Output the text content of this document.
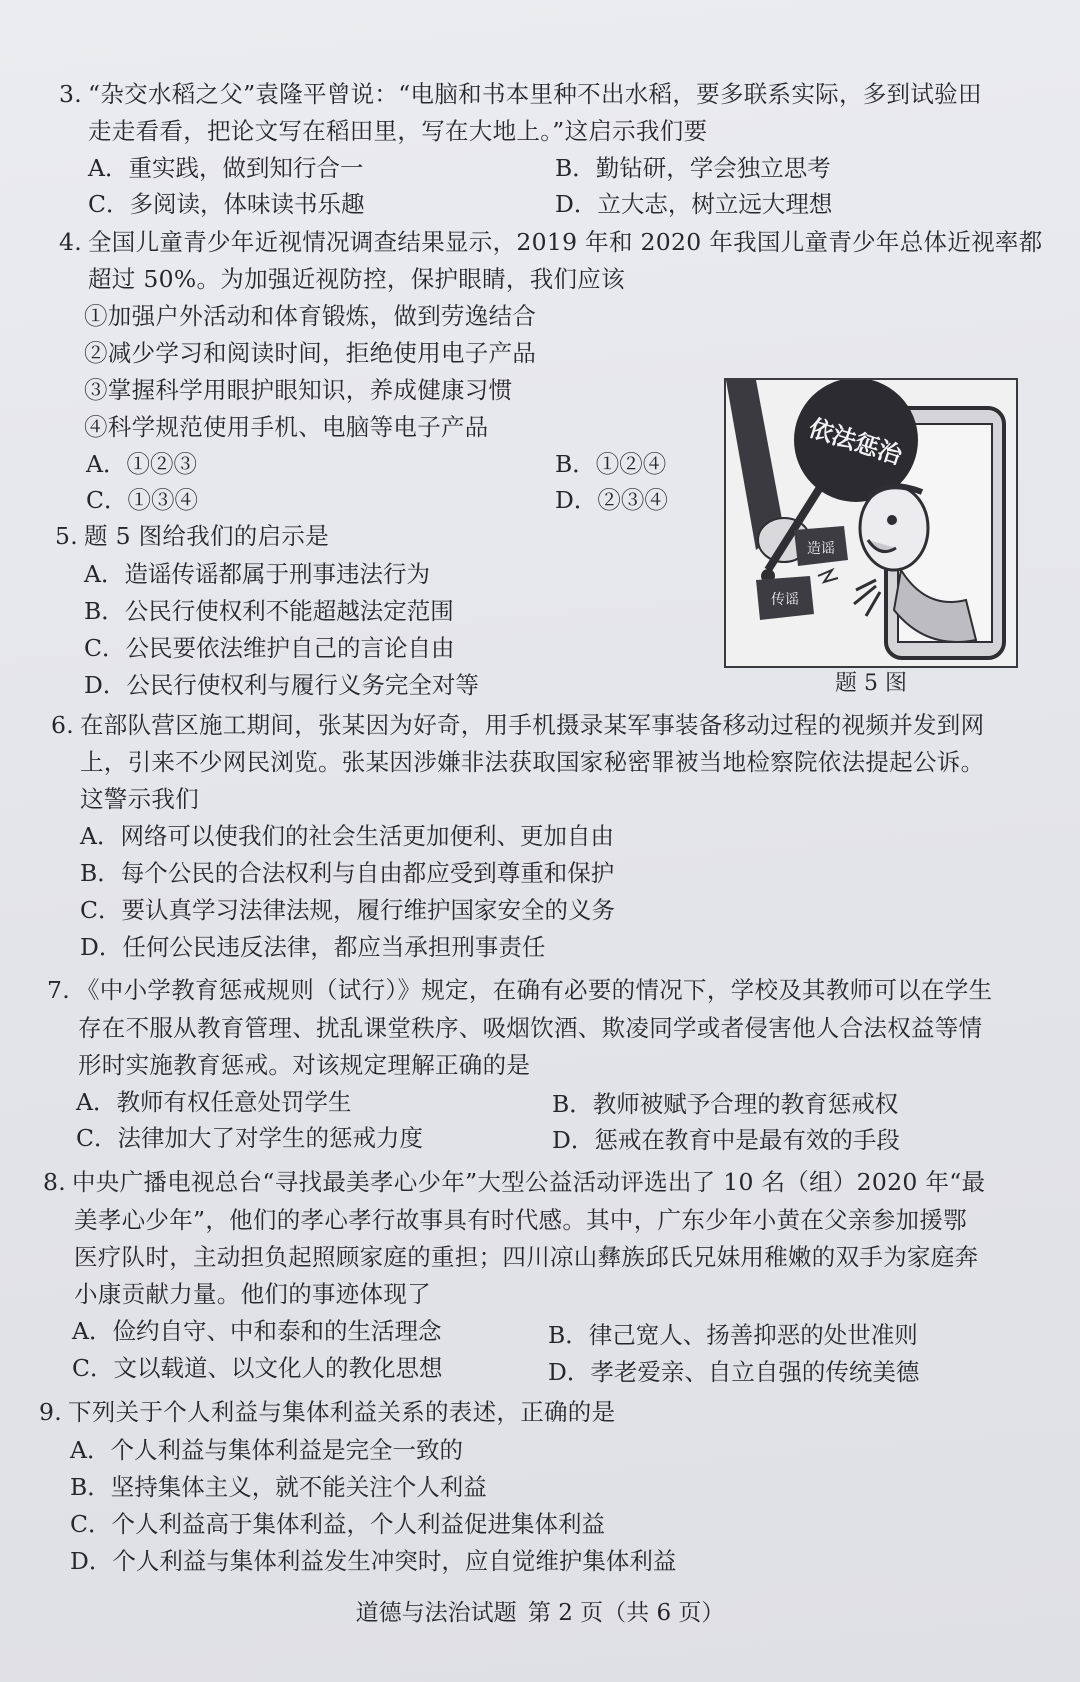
3. “杂交水稻之父”袁隆平曾说：“电脑和书本里种不出水稻，要多联系实际，多到试验田
走走看看，把论文写在稻田里，写在大地上。”这启示我们要
A．重实践，做到知行合一	B．勤钻研，学会独立思考
C．多阅读，体味读书乐趣	D．立大志，树立远大理想
4. 全国儿童青少年近视情况调查结果显示，2019 年和 2020 年我国儿童青少年总体近视率都
超过 50%。为加强近视防控，保护眼睛，我们应该
①加强户外活动和体育锻炼，做到劳逸结合
②减少学习和阅读时间，拒绝使用电子产品
③掌握科学用眼护眼知识，养成健康习惯
④科学规范使用手机、电脑等电子产品
A．①②③	B．①②④
C．①③④	D．②③④
5. 题 5 图给我们的启示是
A．造谣传谣都属于刑事违法行为
B．公民行使权利不能超越法定范围
C．公民要依法维护自己的言论自由
D．公民行使权利与履行义务完全对等
依法惩治
造谣
传谣
题 5 图
6. 在部队营区施工期间，张某因为好奇，用手机摄录某军事装备移动过程的视频并发到网
上，引来不少网民浏览。张某因涉嫌非法获取国家秘密罪被当地检察院依法提起公诉。
这警示我们
A．网络可以使我们的社会生活更加便利、更加自由
B．每个公民的合法权利与自由都应受到尊重和保护
C．要认真学习法律法规，履行维护国家安全的义务
D．任何公民违反法律，都应当承担刑事责任
7. 《中小学教育惩戒规则（试行）》规定，在确有必要的情况下，学校及其教师可以在学生
存在不服从教育管理、扰乱课堂秩序、吸烟饮酒、欺凌同学或者侵害他人合法权益等情
形时实施教育惩戒。对该规定理解正确的是
A．教师有权任意处罚学生	B．教师被赋予合理的教育惩戒权
C．法律加大了对学生的惩戒力度	D．惩戒在教育中是最有效的手段
8. 中央广播电视总台“寻找最美孝心少年”大型公益活动评选出了 10 名（组）2020 年“最
美孝心少年”，他们的孝心孝行故事具有时代感。其中，广东少年小黄在父亲参加援鄂
医疗队时，主动担负起照顾家庭的重担；四川凉山彝族邱氏兄妹用稚嫩的双手为家庭奔
小康贡献力量。他们的事迹体现了
A．俭约自守、中和泰和的生活理念	B．律己宽人、扬善抑恶的处世准则
C．文以载道、以文化人的教化思想	D．孝老爱亲、自立自强的传统美德
9. 下列关于个人利益与集体利益关系的表述，正确的是
A．个人利益与集体利益是完全一致的
B．坚持集体主义，就不能关注个人利益
C．个人利益高于集体利益，个人利益促进集体利益
D．个人利益与集体利益发生冲突时，应自觉维护集体利益
道德与法治试题 第 2 页（共 6 页）
